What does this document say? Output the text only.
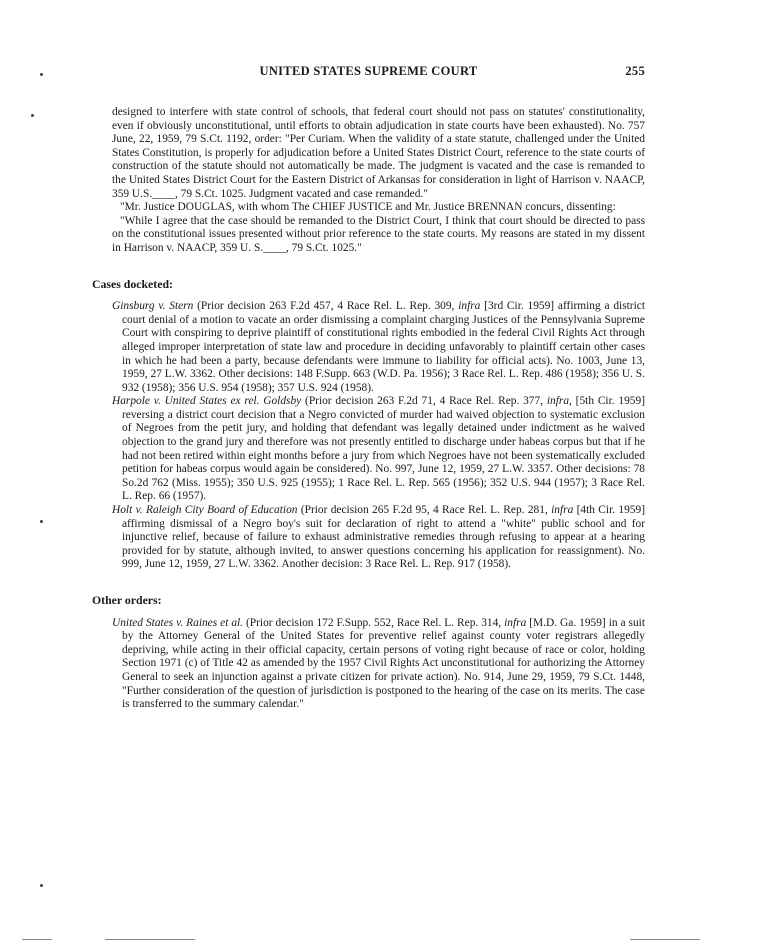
UNITED STATES SUPREME COURT	255

designed to interfere with state control of schools, that federal court should not pass on statutes' constitutionality, even if obviously unconstitutional, until efforts to obtain adjudication in state courts have been exhausted). No. 757 June, 22, 1959, 79 S.Ct. 1192, order: "Per Curiam. When the validity of a state statute, challenged under the United States Constitution, is properly for adjudication before a United States District Court, reference to the state courts of construction of the statute should not automatically be made. The judgment is vacated and the case is remanded to the United States District Court for the Eastern District of Arkansas for consideration in light of Harrison v. NAACP, 359 U.S.____, 79 S.Ct. 1025. Judgment vacated and case remanded."

"Mr. Justice DOUGLAS, with whom The CHIEF JUSTICE and Mr. Justice BRENNAN concurs, dissenting:

"While I agree that the case should be remanded to the District Court, I think that court should be directed to pass on the constitutional issues presented without prior reference to the state courts. My reasons are stated in my dissent in Harrison v. NAACP, 359 U. S.____, 79 S.Ct. 1025."

Cases docketed:

Ginsburg v. Stern (Prior decision 263 F.2d 457, 4 Race Rel. L. Rep. 309, infra [3rd Cir. 1959] affirming a district court denial of a motion to vacate an order dismissing a complaint charging Justices of the Pennsylvania Supreme Court with conspiring to deprive plaintiff of constitutional rights embodied in the federal Civil Rights Act through alleged improper interpretation of state law and procedure in deciding unfavorably to plaintiff certain other cases in which he had been a party, because defendants were immune to liability for official acts). No. 1003, June 13, 1959, 27 L.W. 3362. Other decisions: 148 F.Supp. 663 (W.D. Pa. 1956); 3 Race Rel. L. Rep. 486 (1958); 356 U. S. 932 (1958); 356 U.S. 954 (1958); 357 U.S. 924 (1958).

Harpole v. United States ex rel. Goldsby (Prior decision 263 F.2d 71, 4 Race Rel. Rep. 377, infra, [5th Cir. 1959] reversing a district court decision that a Negro convicted of murder had waived objection to systematic exclusion of Negroes from the petit jury, and holding that defendant was legally detained under indictment as he waived objection to the grand jury and therefore was not presently entitled to discharge under habeas corpus but that if he had not been retired within eight months before a jury from which Negroes have not been systematically excluded petition for habeas corpus would again be considered). No. 997, June 12, 1959, 27 L.W. 3357. Other decisions: 78 So.2d 762 (Miss. 1955); 350 U.S. 925 (1955); 1 Race Rel. L. Rep. 565 (1956); 352 U.S. 944 (1957); 3 Race Rel. L. Rep. 66 (1957).

Holt v. Raleigh City Board of Education (Prior decision 265 F.2d 95, 4 Race Rel. L. Rep. 281, infra [4th Cir. 1959] affirming dismissal of a Negro boy's suit for declaration of right to attend a "white" public school and for injunctive relief, because of failure to exhaust administrative remedies through refusing to appear at a hearing provided for by statute, although invited, to answer questions concerning his application for reassignment). No. 999, June 12, 1959, 27 L.W. 3362. Another decision: 3 Race Rel. L. Rep. 917 (1958).

Other orders:

United States v. Raines et al. (Prior decision 172 F.Supp. 552, Race Rel. L. Rep. 314, infra [M.D. Ga. 1959] in a suit by the Attorney General of the United States for preventive relief against county voter registrars allegedly depriving, while acting in their official capacity, certain persons of voting right because of race or color, holding Section 1971 (c) of Title 42 as amended by the 1957 Civil Rights Act unconstitutional for authorizing the Attorney General to seek an injunction against a private citizen for private action). No. 914, June 29, 1959, 79 S.Ct. 1448, "Further consideration of the question of jurisdiction is postponed to the hearing of the case on its merits. The case is transferred to the summary calendar."
